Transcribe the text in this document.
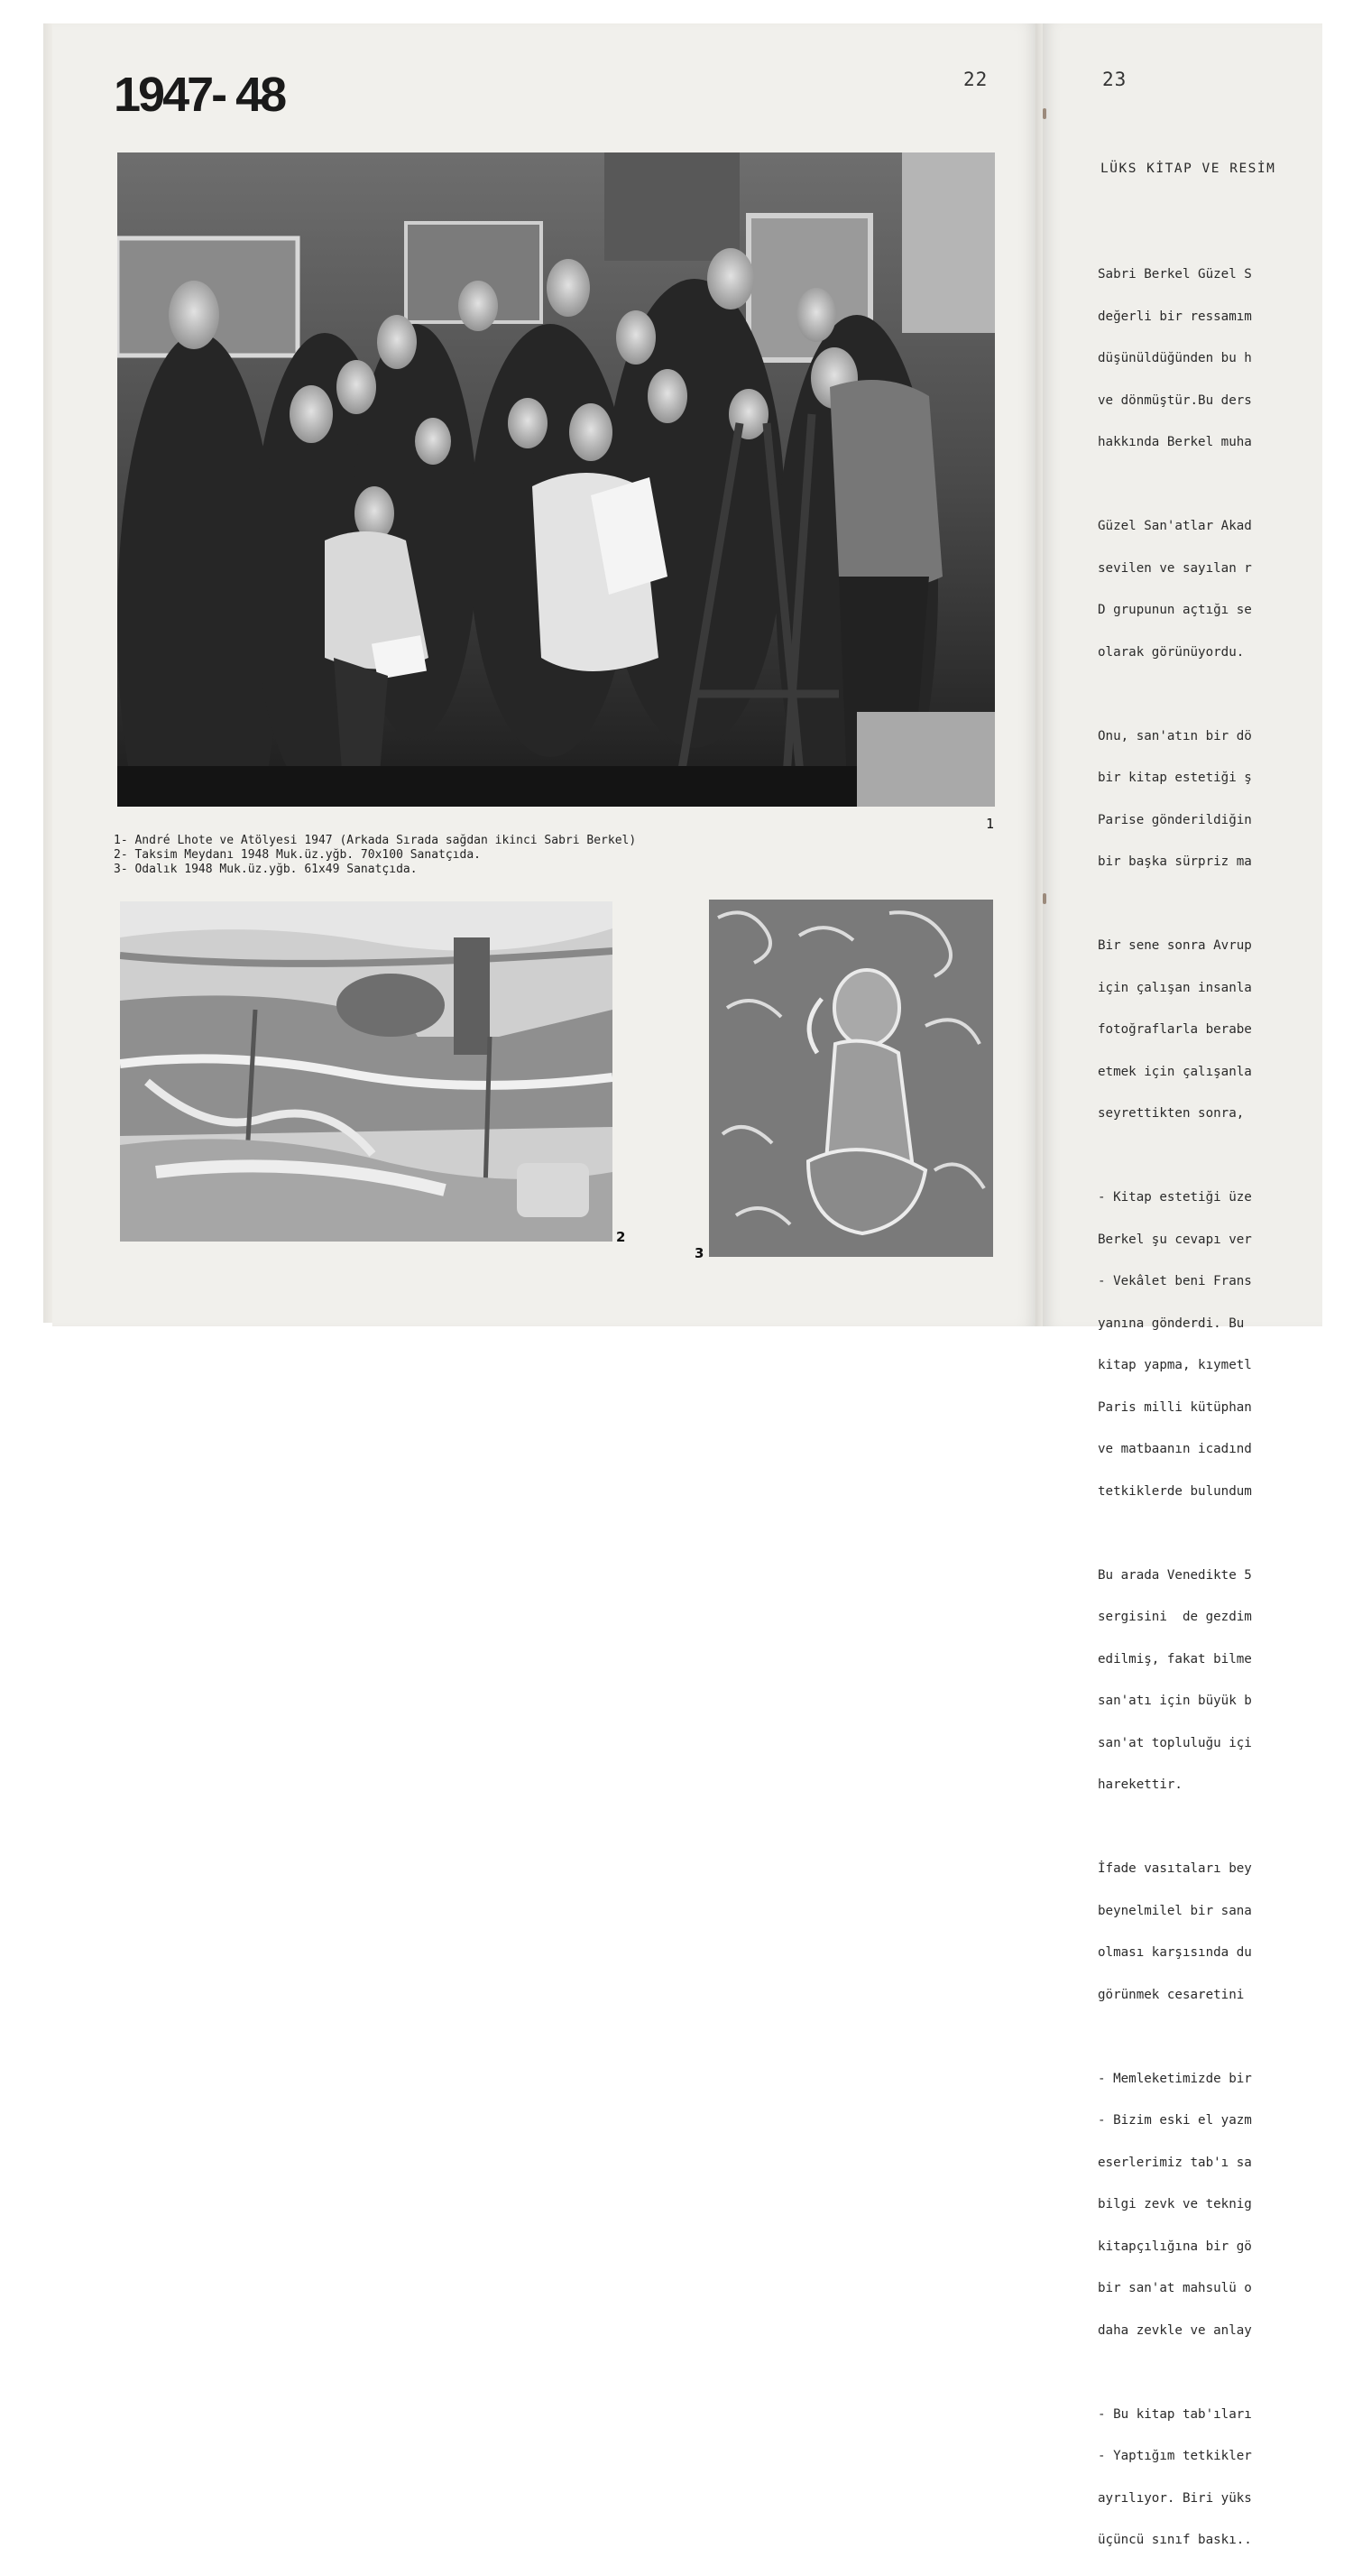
1947- 48	22	23
1- André Lhote ve Atölyesi 1947 (Arkada Sırada sağdan ikinci Sabri Berkel)
2- Taksim Meydanı 1948 Muk.üz.yğb. 70x100 Sanatçıda.
3- Odalık 1948 Muk.üz.yğb. 61x49 Sanatçıda.
1
2
3
LÜKS KİTAP VE RESİM

Sabri Berkel Güzel S

değerli bir ressamım

düşünüldüğünden bu h

ve dönmüştür.Bu ders

hakkında Berkel muha

Güzel San'atlar Akad

sevilen ve sayılan r

D grupunun açtığı se

olarak görünüyordu.

Onu, san'atın bir dö

bir kitap estetiği ş

Parise gönderildiğin

bir başka sürpriz ma

Bir sene sonra Avrup

için çalışan insanla

fotoğraflarla berabe

etmek için çalışanla

seyrettikten sonra,

- Kitap estetiği üze

Berkel şu cevapı ver

- Vekâlet beni Frans

yanına gönderdi. Bu

kitap yapma, kıymetl

Paris milli kütüphan

ve matbaanın icadınd

tetkiklerde bulundum

Bu arada Venedikte 5

sergisini  de gezdim

edilmiş, fakat bilme

san'atı için büyük b

san'at topluluğu içi

harekettir.

İfade vasıtaları bey

beynelmilel bir sana

olması karşısında du

görünmek cesaretini

- Memleketimizde bir

- Bizim eski el yazm

eserlerimiz tab'ı sa

bilgi zevk ve teknig

kitapçılığına bir gö

bir san'at mahsulü o

daha zevkle ve anlay

- Bu kitap tab'ıları

- Yaptığım tetkikler

ayrılıyor. Biri yüks

üçüncü sınıf baskı..
